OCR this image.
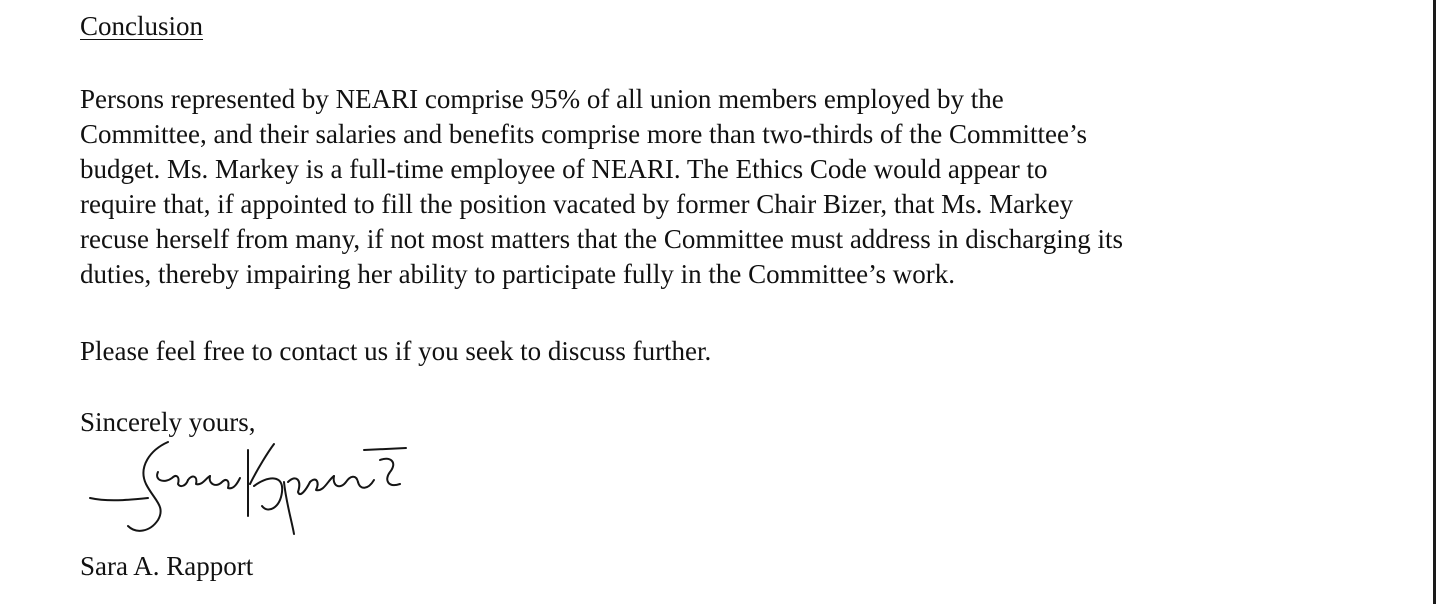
Conclusion
Persons represented by NEARI comprise 95% of all union members employed by the
Committee, and their salaries and benefits comprise more than two-thirds of the Committee’s
budget. Ms. Markey is a full-time employee of NEARI. The Ethics Code would appear to
require that, if appointed to fill the position vacated by former Chair Bizer, that Ms. Markey
recuse herself from many, if not most matters that the Committee must address in discharging its
duties, thereby impairing her ability to participate fully in the Committee’s work.
Please feel free to contact us if you seek to discuss further.
Sincerely yours,
Sara A. Rapport
